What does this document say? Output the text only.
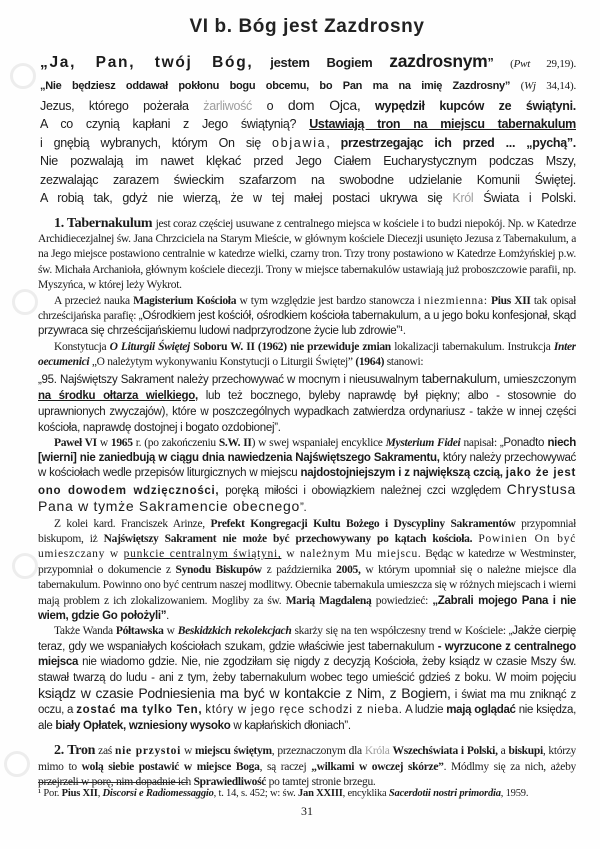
VI b. Bóg jest Zazdrosny
„Ja, Pan, twój Bóg, jestem Bogiem zazdrosnym” (Pwt 29,19).
„Nie będziesz oddawał pokłonu bogu obcemu, bo Pan ma na imię Zazdrosny” (Wj 34,14).
Jezus, którego pożerała żarliwość o dom Ojca, wypędził kupców ze świątyni.
A co czynią kapłani z Jego świątynią? Ustawiają tron na miejscu tabernakulum
i gnębią wybranych, którym On się objawia, przestrzegając ich przed ... „pychą”.
Nie pozwalają im nawet klękać przed Jego Ciałem Eucharystycznym podczas Mszy,
zezwalając zarazem świeckim szafarzom na swobodne udzielanie Komunii Świętej.
A robią tak, gdyż nie wierzą, że w tej małej postaci ukrywa się Król Świata i Polski.
1. Tabernakulum jest coraz częściej usuwane z centralnego miejsca w kościele i to budzi niepokój. Np. w Katedrze Archidiecezjalnej św. Jana Chrzciciela na Starym Mieście, w głównym kościele Diecezji usunięto Jezusa z Tabernakulum, a na Jego miejsce postawiono centralnie w katedrze wielki, czarny tron. Trzy trony postawiono w Katedrze Łomżyńskiej p.w. św. Michała Archanioła, głównym kościele diecezji. Trony w miejsce tabernakulów ustawiają już proboszczowie parafii, np. Myszyńca, w której leży Wykrot.
A przecież nauka Magisterium Kościoła w tym względzie jest bardzo stanowcza i niezmienna: Pius XII tak opisał chrześcijańska parafię: „Ośrodkiem jest kościół, ośrodkiem kościoła tabernakulum, a u jego boku konfesjonał, skąd przywraca się chrześcijańskiemu ludowi nadprzyrodzone życie lub zdrowie”¹.
Konstytucja O Liturgii Świętej Soboru W. II (1962) nie przewiduje zmian lokalizacji tabernakulum. Instrukcja Inter oecumenici „O należytym wykonywaniu Konstytucji o Liturgii Świętej” (1964) stanowi:
„95. Najświętszy Sakrament należy przechowywać w mocnym i nieusuwalnym tabernakulum, umieszczonym na środku ołtarza wielkiego, lub też bocznego, byleby naprawdę był piękny; albo - stosownie do uprawnionych zwyczajów), które w poszczególnych wypadkach zatwierdza ordynariusz - także w innej części kościoła, naprawdę dostojnej i bogato ozdobionej”.
Paweł VI w 1965 r. (po zakończeniu S.W. II) w swej wspaniałej encyklice Mysterium Fidei napisał: „Ponadto niech [wierni] nie zaniedbują w ciągu dnia nawiedzenia Najświętszego Sakramentu, który należy przechowywać w kościołach wedle przepisów liturgicznych w miejscu najdostojniejszym i z największą czcią, jako że jest ono dowodem wdzięczności, poręką miłości i obowiązkiem należnej czci względem Chrystusa Pana w tymże Sakramencie obecnego”.
Z kolei kard. Franciszek Arinze, Prefekt Kongregacji Kultu Bożego i Dyscypliny Sakramentów przypomniał biskupom, iż Najświętszy Sakrament nie może być przechowywany po kątach kościoła. Powinien On być umieszczany w punkcie centralnym świątyni, w należnym Mu miejscu. Będąc w katedrze w Westminster, przypomniał o dokumencie z Synodu Biskupów z października 2005, w którym upomniał się o należne miejsce dla tabernakulum. Powinno ono być centrum naszej modlitwy. Obecnie tabernakula umieszcza się w różnych miejscach i wierni mają problem z ich zlokalizowaniem. Mogliby za św. Marią Magdaleną powiedzieć: „Zabrali mojego Pana i nie wiem, gdzie Go położyli”.
Także Wanda Półtawska w Beskidzkich rekolekcjach skarży się na ten współczesny trend w Kościele: „Jakże cierpię teraz, gdy we wspaniałych kościołach szukam, gdzie właściwie jest tabernakulum - wyrzucone z centralnego miejsca nie wiadomo gdzie. Nie, nie zgodziłam się nigdy z decyzją Kościoła, żeby ksiądz w czasie Mszy św. stawał twarzą do ludu - ani z tym, żeby tabernakulum wobec tego umieścić gdzieś z boku. W moim pojęciu ksiądz w czasie Podniesienia ma być w kontakcie z Nim, z Bogiem, i świat ma mu zniknąć z oczu, a zostać ma tylko Ten, który w jego ręce schodzi z nieba. A ludzie mają oglądać nie księdza, ale biały Opłatek, wzniesiony wysoko w kapłańskich dłoniach”.
2. Tron zaś nie przystoi w miejscu świętym, przeznaczonym dla Króla Wszechświata i Polski, a biskupi, którzy mimo to wolą siebie postawić w miejsce Boga, są raczej „wilkami w owczej skórze”. Módlmy się za nich, ażeby przejrzeli w porę, nim dopadnie ich Sprawiedliwość po tamtej stronie brzegu.
¹ Por. Pius XII, Discorsi e Radiomessaggio, t. 14, s. 452; w: św. Jan XXIII, encyklika Sacerdotii nostri primordia, 1959.
31
